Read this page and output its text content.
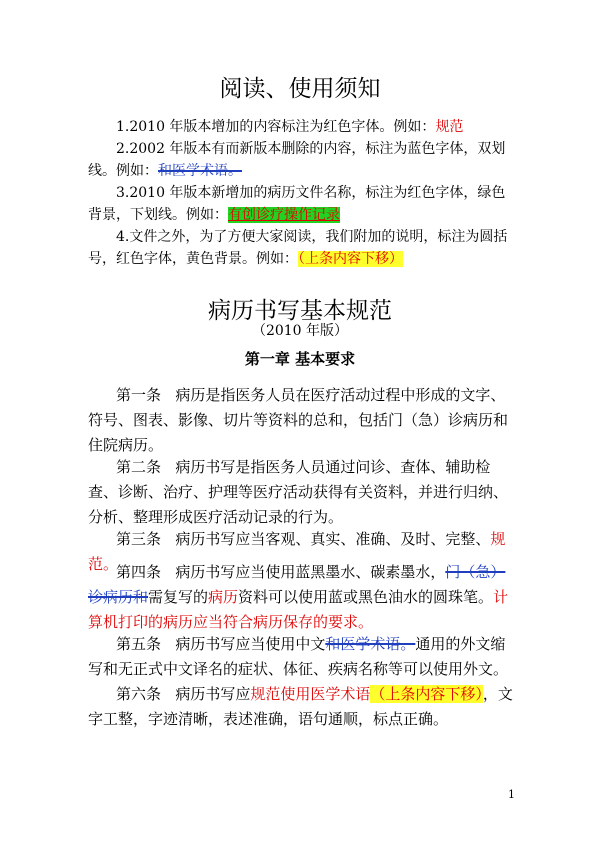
阅读、使用须知

1.2010 年版本增加的内容标注为红色字体。例如：规范

2.2002 年版本有而新版本删除的内容，标注为蓝色字体，双划线。例如：和医学术语。

3.2010 年版本新增加的病历文件名称，标注为红色字体，绿色背景，下划线。例如：有创诊疗操作记录

4.文件之外，为了方便大家阅读，我们附加的说明，标注为圆括号，红色字体，黄色背景。例如：（上条内容下移）

病历书写基本规范
（2010 年版）
第一章 基本要求

第一条 病历是指医务人员在医疗活动过程中形成的文字、符号、图表、影像、切片等资料的总和，包括门（急）诊病历和住院病历。

第二条 病历书写是指医务人员通过问诊、查体、辅助检查、诊断、治疗、护理等医疗活动获得有关资料，并进行归纳、分析、整理形成医疗活动记录的行为。

第三条 病历书写应当客观、真实、准确、及时、完整、规范。

第四条 病历书写应当使用蓝黑墨水、碳素墨水，门（急）诊病历和需复写的病历资料可以使用蓝或黑色油水的圆珠笔。计算机打印的病历应当符合病历保存的要求。

第五条 病历书写应当使用中文和医学术语。通用的外文缩写和无正式中文译名的症状、体征、疾病名称等可以使用外文。

第六条 病历书写应规范使用医学术语（上条内容下移），文字工整，字迹清晰，表述准确，语句通顺，标点正确。

1
